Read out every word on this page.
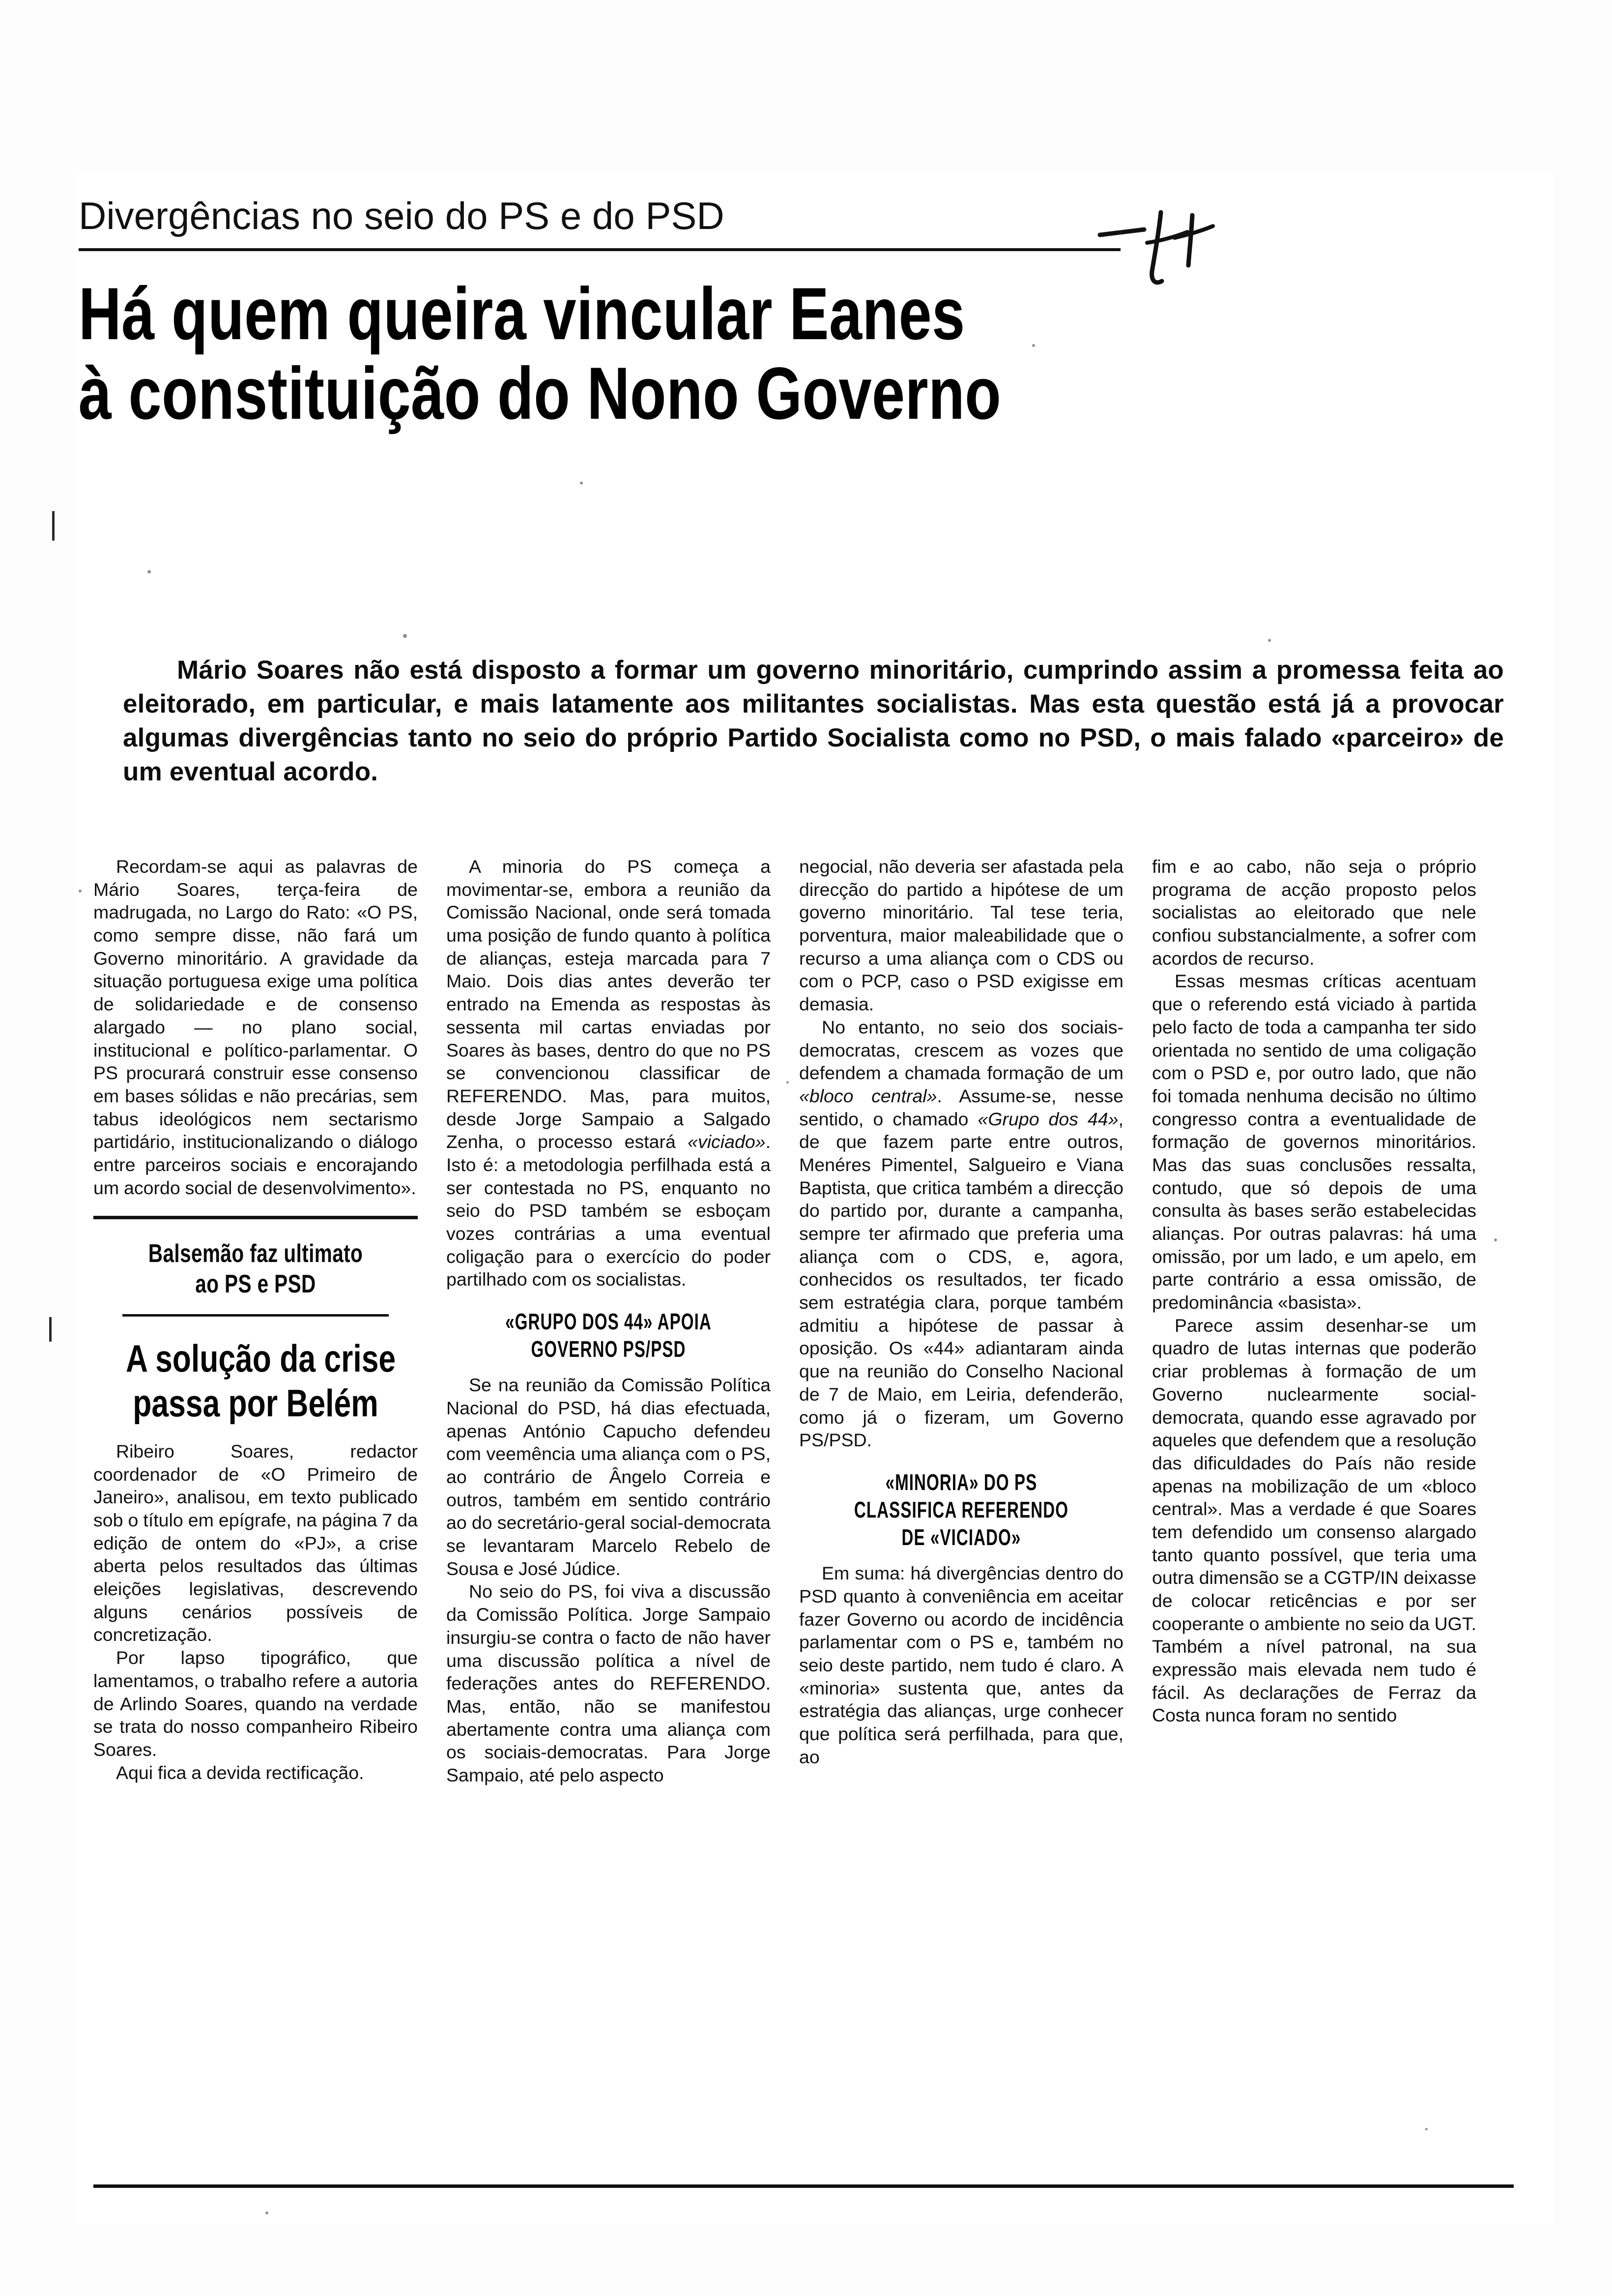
Divergências no seio do PS e do PSD
Há quem queira vincular Eanes
à constituição do Nono Governo
Mário Soares não está disposto a formar um governo minoritário, cumprindo assim a promessa feita ao eleitorado, em particular, e mais latamente aos militantes socialistas. Mas esta questão está já a provocar algumas divergências tanto no seio do próprio Partido Socialista como no PSD, o mais falado «parceiro» de um eventual acordo.

Recordam-se aqui as palavras de Mário Soares, terça-feira de madrugada, no Largo do Rato: «O PS, como sempre disse, não fará um Governo minoritário. A gravidade da situação portuguesa exige uma política de solidariedade e de consenso alargado — no plano social, institucional e político-parlamentar. O PS procurará construir esse consenso em bases sólidas e não precárias, sem tabus ideológicos nem sectarismo partidário, institucionalizando o diálogo entre parceiros sociais e encorajando um acordo social de desenvolvimento».

Balsemão faz ultimato
ao PS e PSD
A solução da crise
passa por Belém

Ribeiro Soares, redactor coordenador de «O Primeiro de Janeiro», analisou, em texto publicado sob o título em epígrafe, na página 7 da edição de ontem do «PJ», a crise aberta pelos resultados das últimas eleições legislativas, descrevendo alguns cenários possíveis de concretização.

Por lapso tipográfico, que lamentamos, o trabalho refere a autoria de Arlindo Soares, quando na verdade se trata do nosso companheiro Ribeiro Soares.

Aqui fica a devida rectificação.

A minoria do PS começa a movimentar-se, embora a reunião da Comissão Nacional, onde será tomada uma posição de fundo quanto à política de alianças, esteja marcada para 7 Maio. Dois dias antes deverão ter entrado na Emenda as respostas às sessenta mil cartas enviadas por Soares às bases, dentro do que no PS se convencionou classificar de REFERENDO. Mas, para muitos, desde Jorge Sampaio a Salgado Zenha, o processo estará «viciado». Isto é: a metodologia perfilhada está a ser contestada no PS, enquanto no seio do PSD também se esboçam vozes contrárias a uma eventual coligação para o exercício do poder partilhado com os socialistas.

«GRUPO DOS 44» APOIA
GOVERNO PS/PSD

Se na reunião da Comissão Política Nacional do PSD, há dias efectuada, apenas António Capucho defendeu com veemência uma aliança com o PS, ao contrário de Ângelo Correia e outros, também em sentido contrário ao do secretário-geral social-democrata se levantaram Marcelo Rebelo de Sousa e José Júdice.

No seio do PS, foi viva a discussão da Comissão Política. Jorge Sampaio insurgiu-se contra o facto de não haver uma discussão política a nível de federações antes do REFERENDO. Mas, então, não se manifestou abertamente contra uma aliança com os sociais-democratas. Para Jorge Sampaio, até pelo aspecto

negocial, não deveria ser afastada pela direcção do partido a hipótese de um governo minoritário. Tal tese teria, porventura, maior maleabilidade que o recurso a uma aliança com o CDS ou com o PCP, caso o PSD exigisse em demasia.

No entanto, no seio dos sociais-democratas, crescem as vozes que defendem a chamada formação de um «bloco central». Assume-se, nesse sentido, o chamado «Grupo dos 44», de que fazem parte entre outros, Menéres Pimentel, Salgueiro e Viana Baptista, que critica também a direcção do partido por, durante a campanha, sempre ter afirmado que preferia uma aliança com o CDS, e, agora, conhecidos os resultados, ter ficado sem estratégia clara, porque também admitiu a hipótese de passar à oposição. Os «44» adiantaram ainda que na reunião do Conselho Nacional de 7 de Maio, em Leiria, defenderão, como já o fizeram, um Governo PS/PSD.

«MINORIA» DO PS
CLASSIFICA REFERENDO
DE «VICIADO»

Em suma: há divergências dentro do PSD quanto à conveniência em aceitar fazer Governo ou acordo de incidência parlamentar com o PS e, também no seio deste partido, nem tudo é claro. A «minoria» sustenta que, antes da estratégia das alianças, urge conhecer que política será perfilhada, para que, ao

fim e ao cabo, não seja o próprio programa de acção proposto pelos socialistas ao eleitorado que nele confiou substancialmente, a sofrer com acordos de recurso.

Essas mesmas críticas acentuam que o referendo está viciado à partida pelo facto de toda a campanha ter sido orientada no sentido de uma coligação com o PSD e, por outro lado, que não foi tomada nenhuma decisão no último congresso contra a eventualidade de formação de governos minoritários. Mas das suas conclusões ressalta, contudo, que só depois de uma consulta às bases serão estabelecidas alianças. Por outras palavras: há uma omissão, por um lado, e um apelo, em parte contrário a essa omissão, de predominância «basista».

Parece assim desenhar-se um quadro de lutas internas que poderão criar problemas à formação de um Governo nuclearmente social-democrata, quando esse agravado por aqueles que defendem que a resolução das dificuldades do País não reside apenas na mobilização de um «bloco central». Mas a verdade é que Soares tem defendido um consenso alargado tanto quanto possível, que teria uma outra dimensão se a CGTP/IN deixasse de colocar reticências e por ser cooperante o ambiente no seio da UGT. Também a nível patronal, na sua expressão mais elevada nem tudo é fácil. As declarações de Ferraz da Costa nunca foram no sentido
